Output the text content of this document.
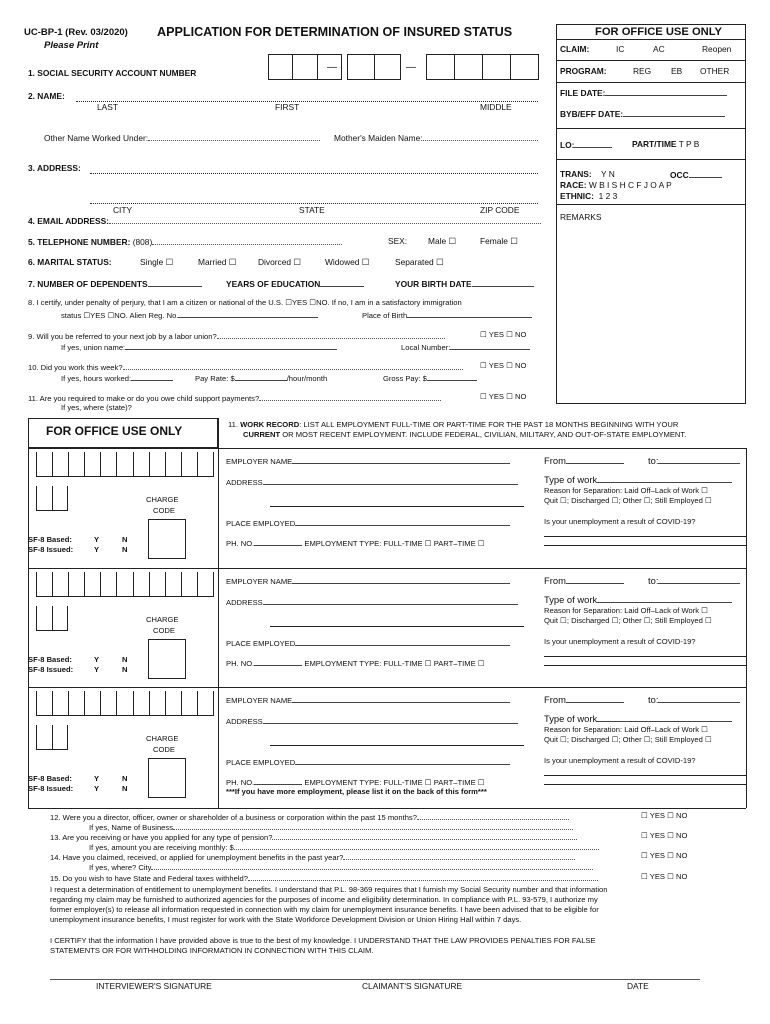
UC-BP-1 (Rev. 03/2020) APPLICATION FOR DETERMINATION OF INSURED STATUS
Please Print
FOR OFFICE USE ONLY
CLAIM:	IC	AC	Reopen
PROGRAM:	REG EB OTHER
FILE DATE:
BYB/EFF DATE:
LO:	PART/TIME T P B
TRANS: Y N	OCC
RACE: W B I S H C F J O A P
ETHNIC: 1 2 3
REMARKS
1. SOCIAL SECURITY ACCOUNT NUMBER	—	—
2. NAME:
LAST	FIRST	MIDDLE
Other Name Worked Under:	Mother's Maiden Name:
3. ADDRESS:
CITY	STATE	ZIP CODE
4. EMAIL ADDRESS:
5. TELEPHONE NUMBER: (808)	SEX: Male ☐	Female ☐
6. MARITAL STATUS:	Single ☐	Married ☐	Divorced ☐	Widowed ☐	Separated ☐
7. NUMBER OF DEPENDENTS	YEARS OF EDUCATION	YOUR BIRTH DATE
8. I certify, under penalty of perjury, that I am a citizen or national of the U.S. ☐YES ☐NO. If no, I am in a satisfactory immigration
status ☐YES ☐NO. Alien Reg. No.	Place of Birth
9. Will you be referred to your next job by a labor union?	☐ YES ☐ NO
If yes, union name:	Local Number:
10. Did you work this week?	☐ YES ☐ NO
If yes, hours worked:	Pay Rate: $	/hour/month	Gross Pay: $
11. Are you required to make or do you owe child support payments?	☐ YES ☐ NO
If yes, where (state)?
FOR OFFICE USE ONLY	11. WORK RECORD: LIST ALL EMPLOYMENT FULL-TIME OR PART-TIME FOR THE PAST 18 MONTHS BEGINNING WITH YOUR
CURRENT OR MOST RECENT EMPLOYMENT. INCLUDE FEDERAL, CIVILIAN, MILITARY, AND OUT-OF-STATE EMPLOYMENT.
CHARGE
CODE
SF-8 Based:
SF-8 Issued:
Y	N
Y	N
EMPLOYER NAME
ADDRESS
PLACE EMPLOYED
PH. NO.	EMPLOYMENT TYPE: FULL-TIME ☐ PART–TIME ☐
From	to:
Type of work
Reason for Separation: Laid Off–Lack of Work ☐
Quit ☐; Discharged ☐; Other ☐; Still Employed ☐
Is your unemployment a result of COVID-19?
CHARGE
CODE
SF-8 Based:
SF-8 Issued:
Y	N
Y	N
EMPLOYER NAME
ADDRESS
PLACE EMPLOYED
PH. NO.	EMPLOYMENT TYPE: FULL-TIME ☐ PART–TIME ☐
From	to:
Type of work
Reason for Separation: Laid Off–Lack of Work ☐
Quit ☐; Discharged ☐; Other ☐; Still Employed ☐
Is your unemployment a result of COVID-19?
CHARGE
CODE
SF-8 Based:
SF-8 Issued:
Y	N
Y	N
EMPLOYER NAME
ADDRESS
PLACE EMPLOYED
PH. NO.	EMPLOYMENT TYPE: FULL-TIME ☐ PART–TIME ☐
***If you have more employment, please list it on the back of this form***
From	to:
Type of work
Reason for Separation: Laid Off–Lack of Work ☐
Quit ☐; Discharged ☐; Other ☐; Still Employed ☐
Is your unemployment a result of COVID-19?
12. Were you a director, officer, owner or shareholder of a business or corporation within the past 15 months?	☐ YES ☐ NO
If yes, Name of Business
13. Are you receiving or have you applied for any type of pension?	☐ YES ☐ NO
If yes, amount you are receiving monthly: $
14. Have you claimed, received, or applied for unemployment benefits in the past year?	☐ YES ☐ NO
If yes, where? City
15. Do you wish to have State and Federal taxes withheld?	☐ YES ☐ NO
I request a determination of entitlement to unemployment benefits. I understand that P.L. 98-369 requires that I furnish my Social Security number and that information
regarding my claim may be furnished to authorized agencies for the purposes of income and eligibility determination. In compliance with P.L. 93-579, I authorize my
former employer(s) to release all information requested in connection with my claim for unemployment insurance benefits. I have been advised that to be eligible for
unemployment insurance benefits, I must register for work with the State Workforce Development Division or Union Hiring Hall within 7 days.
I CERTIFY that the information I have provided above is true to the best of my knowledge. I UNDERSTAND THAT THE LAW PROVIDES PENALTIES FOR FALSE
STATEMENTS OR FOR WITHHOLDING INFORMATION IN CONNECTION WITH THIS CLAIM.
INTERVIEWER'S SIGNATURE	CLAIMANT'S SIGNATURE	DATE
